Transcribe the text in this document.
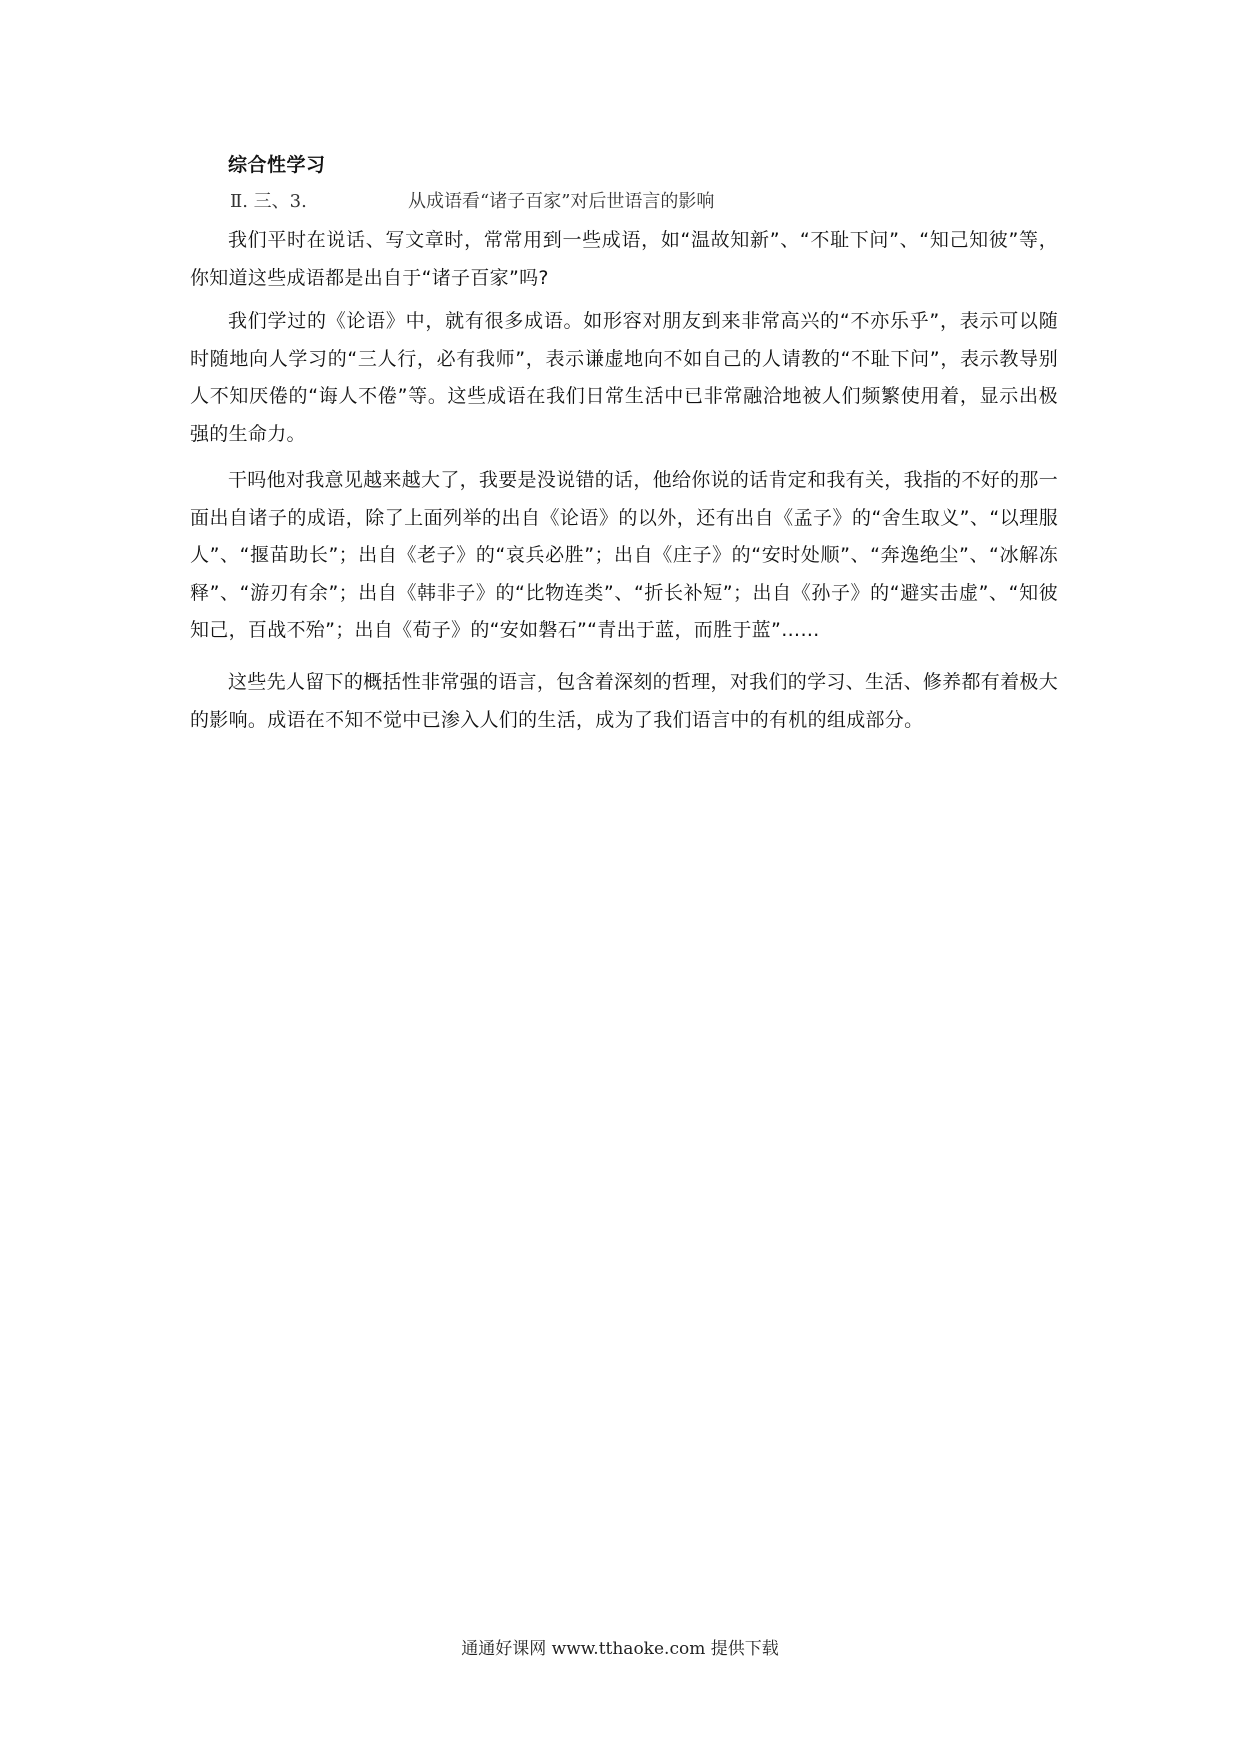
综合性学习
Ⅱ. 三、3.	从成语看“诸子百家”对后世语言的影响

我们平时在说话、写文章时，常常用到一些成语，如“温故知新”、“不耻下问”、“知己知彼”等，你知道这些成语都是出自于“诸子百家”吗?

我们学过的《论语》中，就有很多成语。如形容对朋友到来非常高兴的“不亦乐乎”，表示可以随时随地向人学习的“三人行，必有我师”，表示谦虚地向不如自己的人请教的“不耻下问”，表示教导别人不知厌倦的“诲人不倦”等。这些成语在我们日常生活中已非常融洽地被人们频繁使用着，显示出极强的生命力。

干吗他对我意见越来越大了，我要是没说错的话，他给你说的话肯定和我有关，我指的不好的那一面出自诸子的成语，除了上面列举的出自《论语》的以外，还有出自《孟子》的“舍生取义”、“以理服人”、“揠苗助长”；出自《老子》的“哀兵必胜”；出自《庄子》的“安时处顺”、“奔逸绝尘”、“冰解冻释”、“游刃有余”；出自《韩非子》的“比物连类”、“折长补短”；出自《孙子》的“避实击虚”、“知彼知己，百战不殆”；出自《荀子》的“安如磐石”“青出于蓝，而胜于蓝”……

这些先人留下的概括性非常强的语言，包含着深刻的哲理，对我们的学习、生活、修养都有着极大的影响。成语在不知不觉中已渗入人们的生活，成为了我们语言中的有机的组成部分。

通通好课网 www.tthaoke.com 提供下载
